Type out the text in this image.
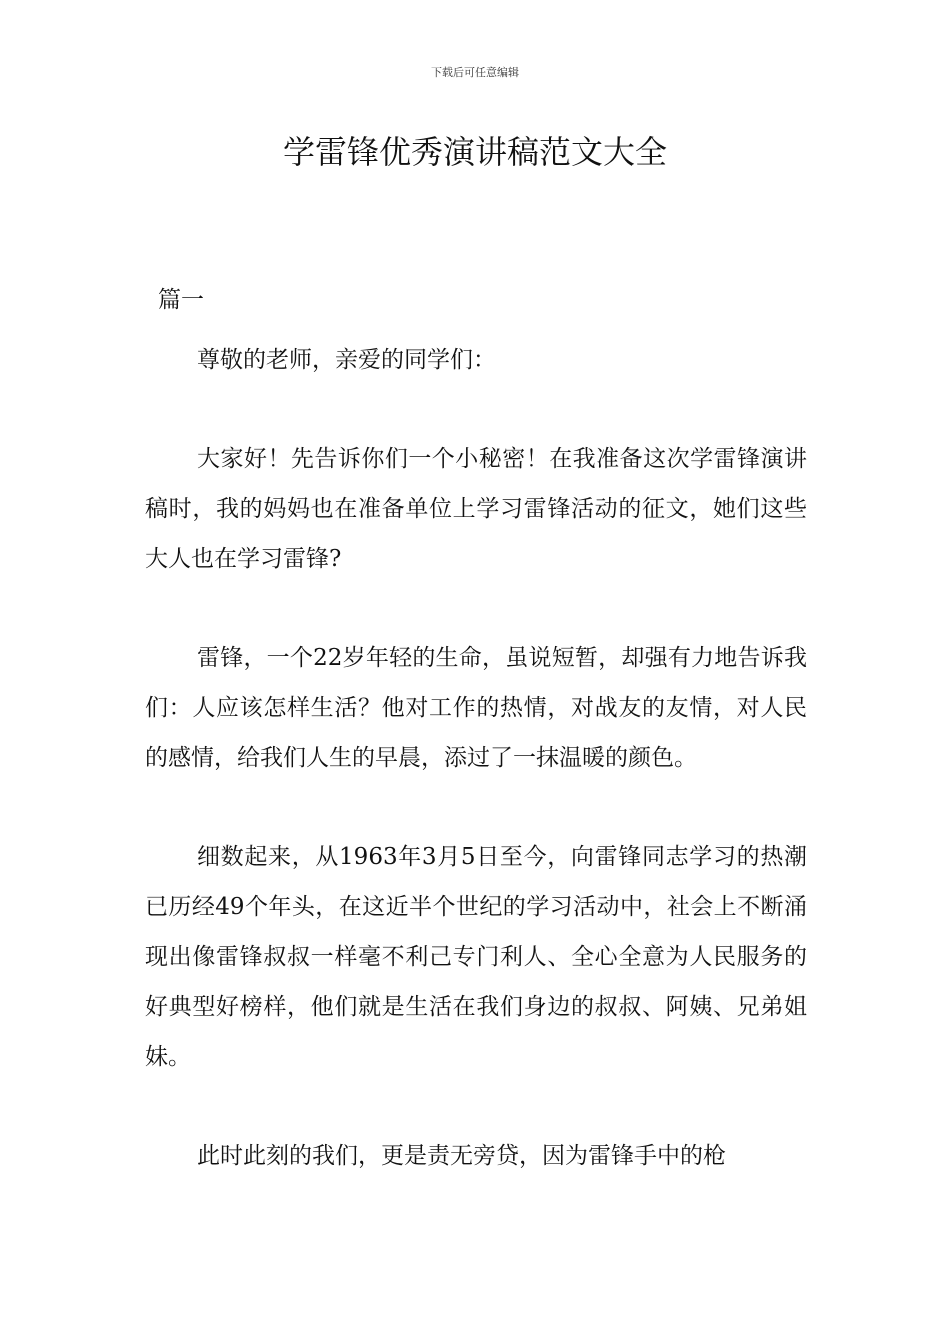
下载后可任意编辑
学雷锋优秀演讲稿范文大全
篇一

尊敬的老师，亲爱的同学们：

大家好！先告诉你们一个小秘密！在我准备这次学雷锋演讲稿时，我的妈妈也在准备单位上学习雷锋活动的征文，她们这些大人也在学习雷锋?

雷锋，一个22岁年轻的生命，虽说短暂，却强有力地告诉我们：人应该怎样生活？他对工作的热情，对战友的友情，对人民的感情，给我们人生的早晨，添过了一抹温暖的颜色。

细数起来，从1963年3月5日至今，向雷锋同志学习的热潮已历经49个年头，在这近半个世纪的学习活动中，社会上不断涌现出像雷锋叔叔一样毫不利己专门利人、全心全意为人民服务的好典型好榜样，他们就是生活在我们身边的叔叔、阿姨、兄弟姐妹。

此时此刻的我们，更是责无旁贷，因为雷锋手中的枪
